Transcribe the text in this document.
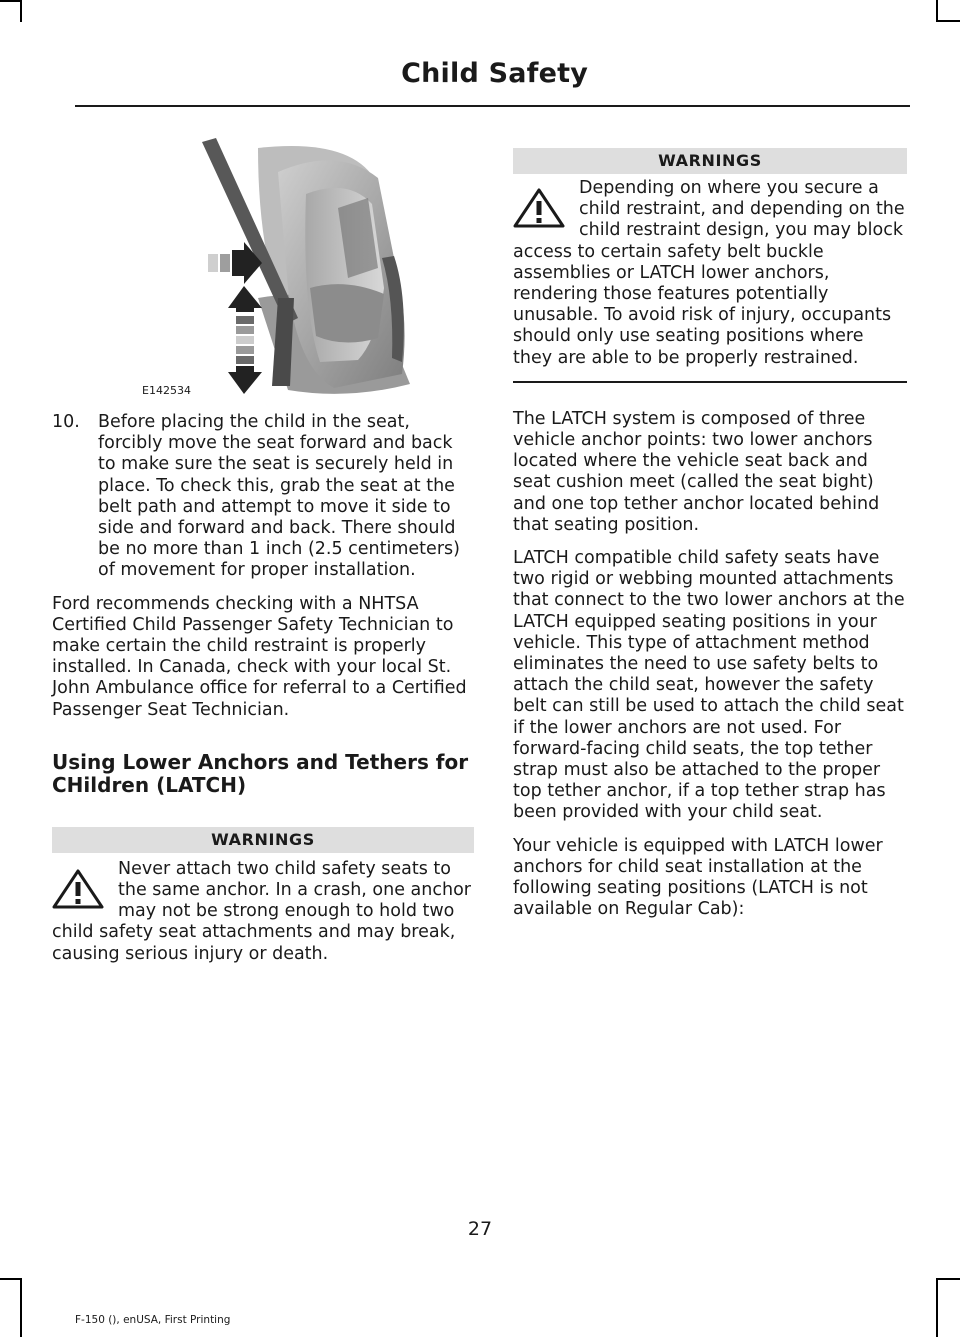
Child Safety
E142534
10.	Before placing the child in the seat, forcibly move the seat forward and back to make sure the seat is securely held in place. To check this, grab the seat at the belt path and attempt to move it side to side and forward and back. There should be no more than 1 inch (2.5 centimeters) of movement for proper installation.

Ford recommends checking with a NHTSA Certified Child Passenger Safety Technician to make certain the child restraint is properly installed. In Canada, check with your local St. John Ambulance office for referral to a Certified Passenger Seat Technician.

Using Lower Anchors and Tethers for CHildren (LATCH)
WARNINGS
Never attach two child safety seats to the same anchor. In a crash, one anchor may not be strong enough to hold two child safety seat attachments and may break, causing serious injury or death.
WARNINGS
Depending on where you secure a child restraint, and depending on the child restraint design, you may block access to certain safety belt buckle assemblies or LATCH lower anchors, rendering those features potentially unusable. To avoid risk of injury, occupants should only use seating positions where they are able to be properly restrained.

The LATCH system is composed of three vehicle anchor points: two lower anchors located where the vehicle seat back and seat cushion meet (called the seat bight) and one top tether anchor located behind that seating position.

LATCH compatible child safety seats have two rigid or webbing mounted attachments that connect to the two lower anchors at the LATCH equipped seating positions in your vehicle. This type of attachment method eliminates the need to use safety belts to attach the child seat, however the safety belt can still be used to attach the child seat if the lower anchors are not used. For forward-facing child seats, the top tether strap must also be attached to the proper top tether anchor, if a top tether strap has been provided with your child seat.

Your vehicle is equipped with LATCH lower anchors for child seat installation at the following seating positions (LATCH is not available on Regular Cab):

27
F-150 (), enUSA, First Printing
